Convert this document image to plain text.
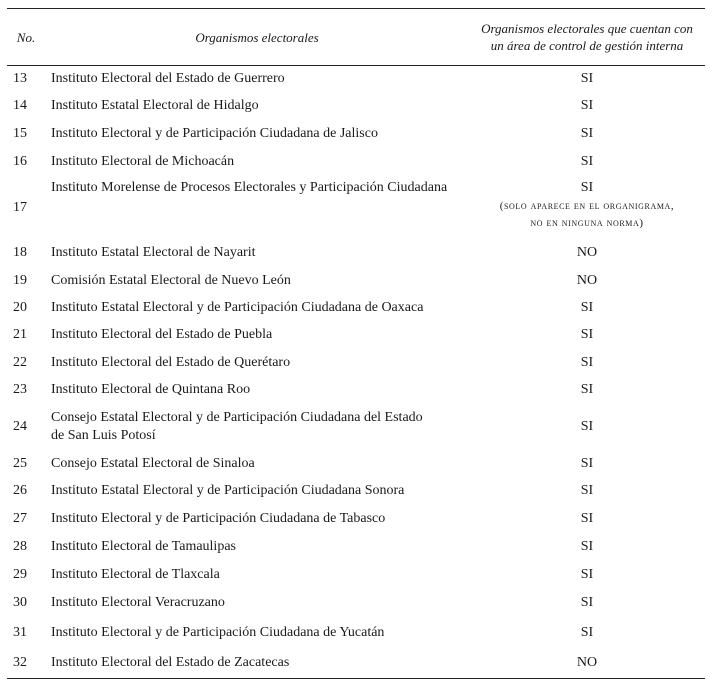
No.	Organismos electorales	Organismos electorales que cuentan con
un área de control de gestión interna
13	Instituto Electoral del Estado de Guerrero	SI
14	Instituto Estatal Electoral de Hidalgo	SI
15	Instituto Electoral y de Participación Ciudadana de Jalisco	SI
16	Instituto Electoral de Michoacán	SI
17	Instituto Morelense de Procesos Electorales y Participación Ciudadana	SI
(solo aparece en el organigrama,
no en ninguna norma)

18	Instituto Estatal Electoral de Nayarit	NO
19	Comisión Estatal Electoral de Nuevo León	NO
20	Instituto Estatal Electoral y de Participación Ciudadana de Oaxaca	SI
21	Instituto Electoral del Estado de Puebla	SI
22	Instituto Electoral del Estado de Querétaro	SI
23	Instituto Electoral de Quintana Roo	SI
24	Consejo Estatal Electoral y de Participación Ciudadana del Estado
de San Luis Potosí	SI
25	Consejo Estatal Electoral de Sinaloa	SI
26	Instituto Estatal Electoral y de Participación Ciudadana Sonora	SI
27	Instituto Electoral y de Participación Ciudadana de Tabasco	SI
28	Instituto Electoral de Tamaulipas	SI
29	Instituto Electoral de Tlaxcala	SI
30	Instituto Electoral Veracruzano	SI
31	Instituto Electoral y de Participación Ciudadana de Yucatán	SI
32	Instituto Electoral del Estado de Zacatecas	NO
